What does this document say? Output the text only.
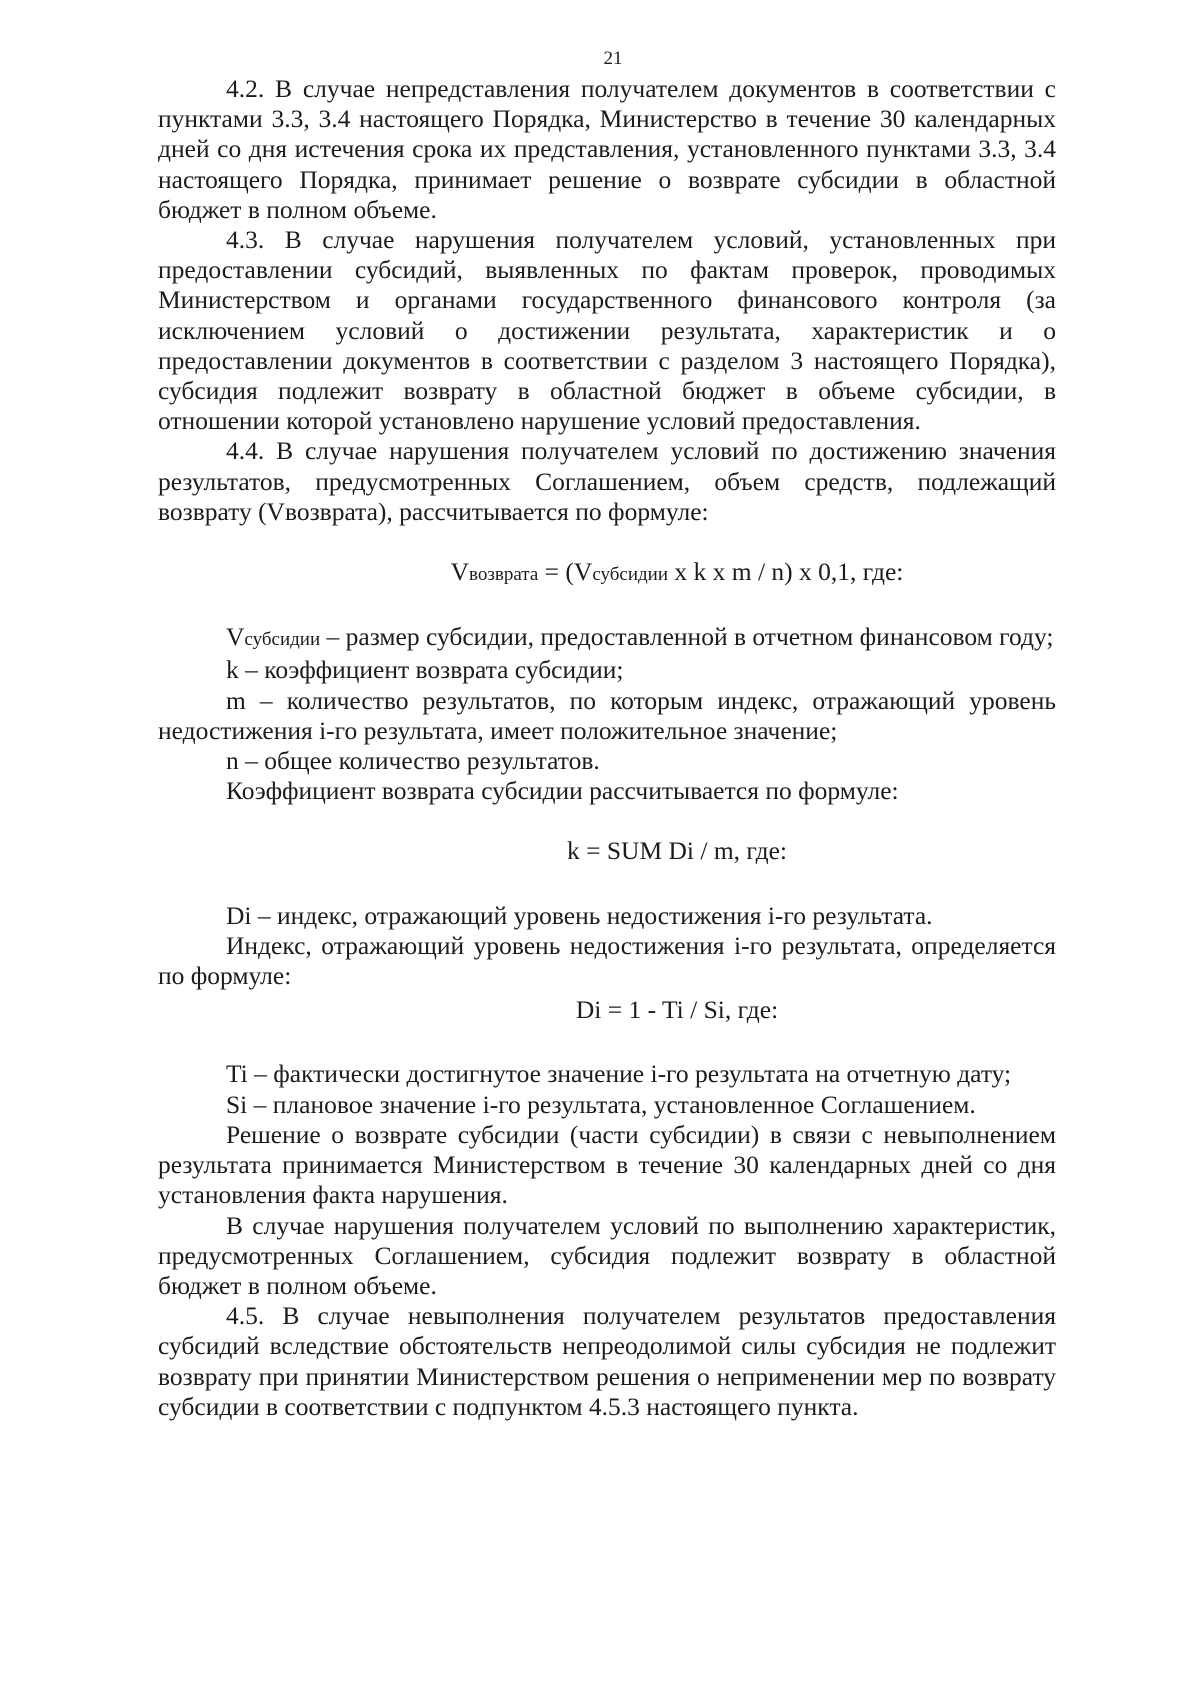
21

4.2. В случае непредставления получателем документов в соответствии с пунктами 3.3, 3.4 настоящего Порядка, Министерство в течение 30 календарных дней со дня истечения срока их представления, установленного пунктами 3.3, 3.4 настоящего Порядка, принимает решение о возврате субсидии в областной бюджет в полном объеме.

4.3. В случае нарушения получателем условий, установленных при предоставлении субсидий, выявленных по фактам проверок, проводимых Министерством и органами государственного финансового контроля (за исключением условий о достижении результата, характеристик и о предоставлении документов в соответствии с разделом 3 настоящего Порядка), субсидия подлежит возврату в областной бюджет в объеме субсидии, в отношении которой установлено нарушение условий предоставления.

4.4. В случае нарушения получателем условий по достижению значения результатов, предусмотренных Соглашением, объем средств, подлежащий возврату (Vвозврата), рассчитывается по формуле:

Vвозврата = (Vсубсидии x k x m / n) x 0,1, где:

Vсубсидии – размер субсидии, предоставленной в отчетном финансовом году;

k – коэффициент возврата субсидии;

m – количество результатов, по которым индекс, отражающий уровень недостижения i-го результата, имеет положительное значение;

n – общее количество результатов.

Коэффициент возврата субсидии рассчитывается по формуле:

k = SUM Di / m, где:

Di – индекс, отражающий уровень недостижения i-го результата.

Индекс, отражающий уровень недостижения i-го результата, определяется по формуле:

Di = 1 - Ti / Si, где:

Ti – фактически достигнутое значение i-го результата на отчетную дату;

Si – плановое значение i-го результата, установленное Соглашением.

Решение о возврате субсидии (части субсидии) в связи с невыполнением результата принимается Министерством в течение 30 календарных дней со дня установления факта нарушения.

В случае нарушения получателем условий по выполнению характеристик, предусмотренных Соглашением, субсидия подлежит возврату в областной бюджет в полном объеме.

4.5. В случае невыполнения получателем результатов предоставления субсидий вследствие обстоятельств непреодолимой силы субсидия не подлежит возврату при принятии Министерством решения о неприменении мер по возврату субсидии в соответствии с подпунктом 4.5.3 настоящего пункта.
